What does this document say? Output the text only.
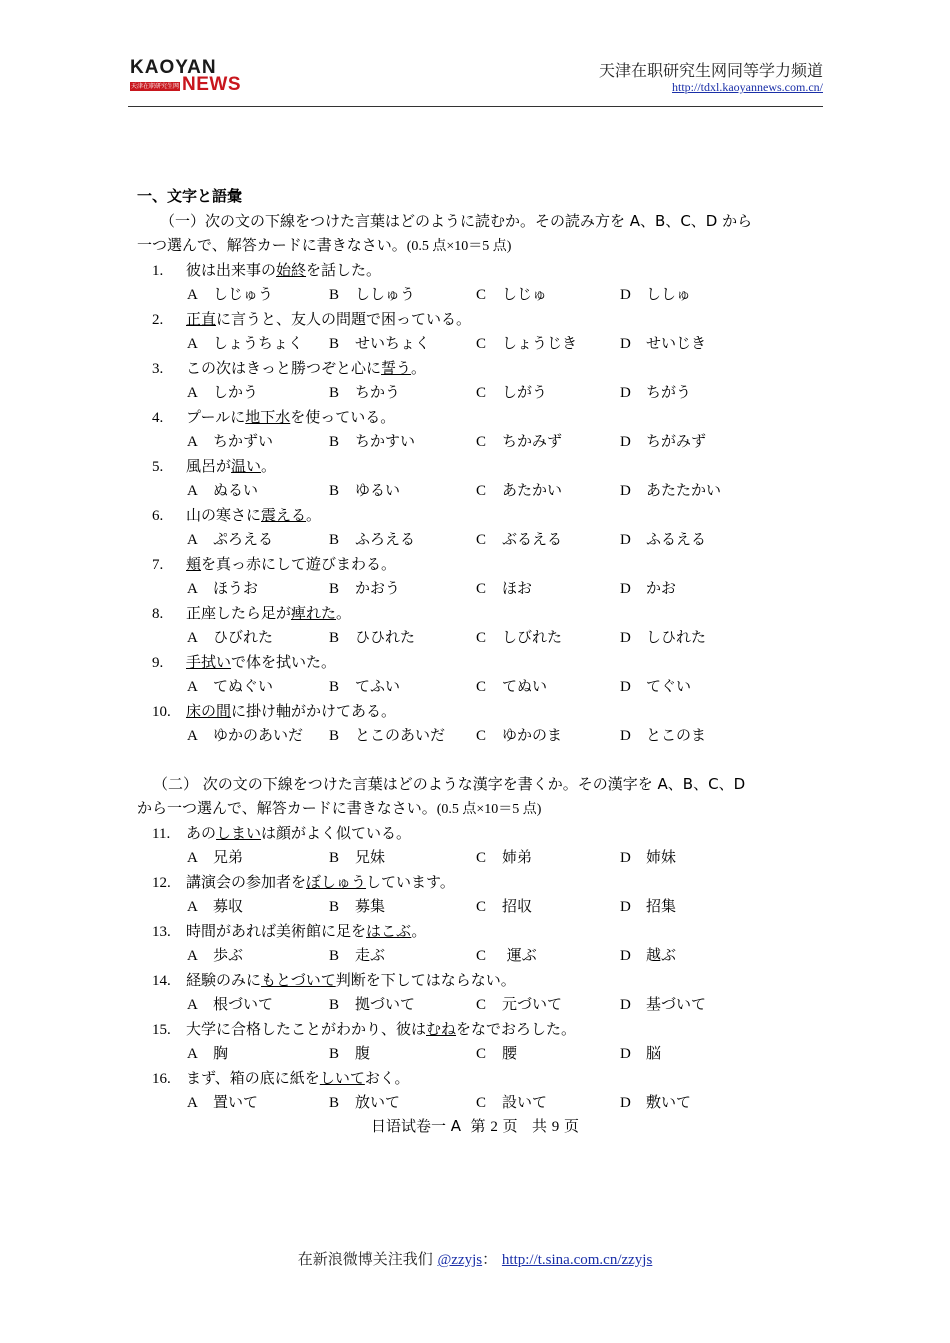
KAOYAN
天津在职研究生网 NEWS
天津在职研究生网同等学力频道
http://tdxl.kaoyannews.com.cn/
一、文字と語彙
（一）次の文の下線をつけた言葉はどのように読むか。その読み方を A、B、C、D から
一つ選んで、解答カードに書きなさい。(0.5 点×10＝5 点)
1. 彼は出来事の始終を話した。
A しじゅう	B ししゅう	C しじゅ	D ししゅ
2. 正直に言うと、友人の問題で困っている。
A しょうちょく	B せいちょく	C しょうじき	D せいじき
3. この次はきっと勝つぞと心に誓う。
A しかう	B ちかう	C しがう	D ちがう
4. プールに地下水を使っている。
A ちかずい	B ちかすい	C ちかみず	D ちがみず
5. 風呂が温い。
A ぬるい	B ゆるい	C あたかい	D あたたかい
6. 山の寒さに震える。
A ぷろえる	B ふろえる	C ぶるえる	D ふるえる
7. 頬を真っ赤にして遊びまわる。
A ほうお	B かおう	C ほお	D かお
8. 正座したら足が痺れた。
A ひびれた	B ひひれた	C しびれた	D しひれた
9. 手拭いで体を拭いた。
A てぬぐい	B てふい	C てぬい	D てぐい
10. 床の間に掛け軸がかけてある。
A ゆかのあいだ	B とこのあいだ	C ゆかのま	D とこのま
（二） 次の文の下線をつけた言葉はどのような漢字を書くか。その漢字を A、B、C、D
から一つ選んで、解答カードに書きなさい。(0.5 点×10＝5 点)
11. あのしまいは顔がよく似ている。
A 兄弟	B 兄妹	C 姉弟	D 姉妹
12. 講演会の参加者をぼしゅうしています。
A 募収	B 募集	C 招収	D 招集
13. 時間があれば美術館に足をはこぶ。
A 歩ぶ	B 走ぶ	C 運ぶ	D 越ぶ
14. 経験のみにもとづいて判断を下してはならない。
A 根づいて	B 拠づいて	C 元づいて	D 基づいて
15. 大学に合格したことがわかり、彼はむねをなでおろした。
A 胸	B 腹	C 腰	D 脳
16. まず、箱の底に紙をしいておく。
A 置いて	B 放いて	C 設いて	D 敷いて
日语试卷一 A 第 2 页 共 9 页
在新浪微博关注我们 @zzyjs： http://t.sina.com.cn/zzyjs
